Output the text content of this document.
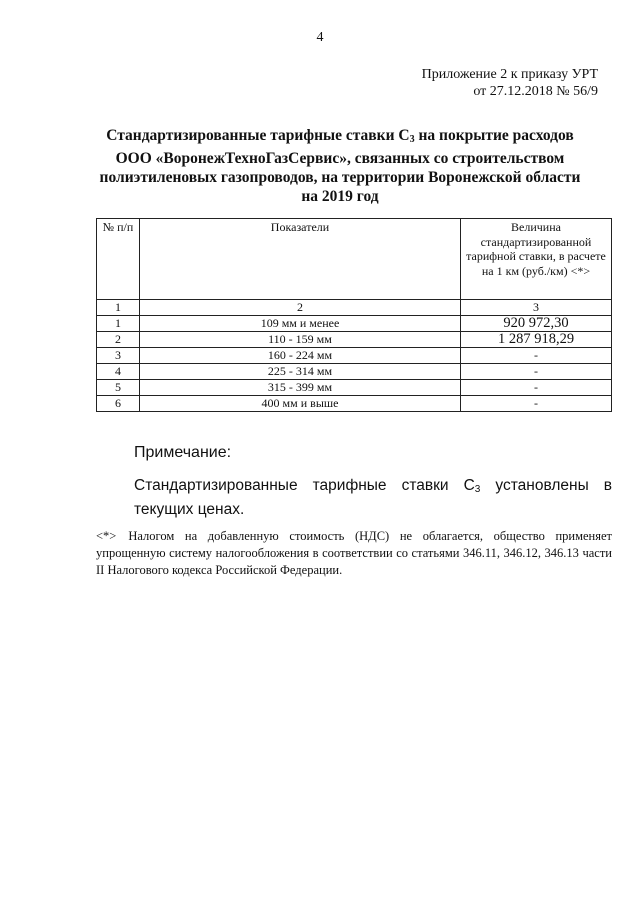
4
Приложение 2 к приказу УРТ
от 27.12.2018 № 56/9
Стандартизированные тарифные ставки $С_3$ на покрытие расходов
ООО «ВоронежТехноГазСервис», связанных со строительством
полиэтиленовых газопроводов, на территории Воронежской области
на 2019 год
№ п/п	Показатели	Величина стандартизированной тарифной ставки, в расчете на 1 км (руб./км) <*>
1	2	3
1	109 мм и менее	920 972,30
2	110 - 159 мм	1 287 918,29
3	160 - 224 мм	-
4	225 - 314 мм	-
5	315 - 399 мм	-
6	400 мм и выше	-
Примечание:
Стандартизированные тарифные ставки $С_3$ установлены в текущих ценах.
<*> Налогом на добавленную стоимость (НДС) не облагается, общество применяет упрощенную систему налогообложения в соответствии со статьями 346.11, 346.12, 346.13 части II Налогового кодекса Российской Федерации.
